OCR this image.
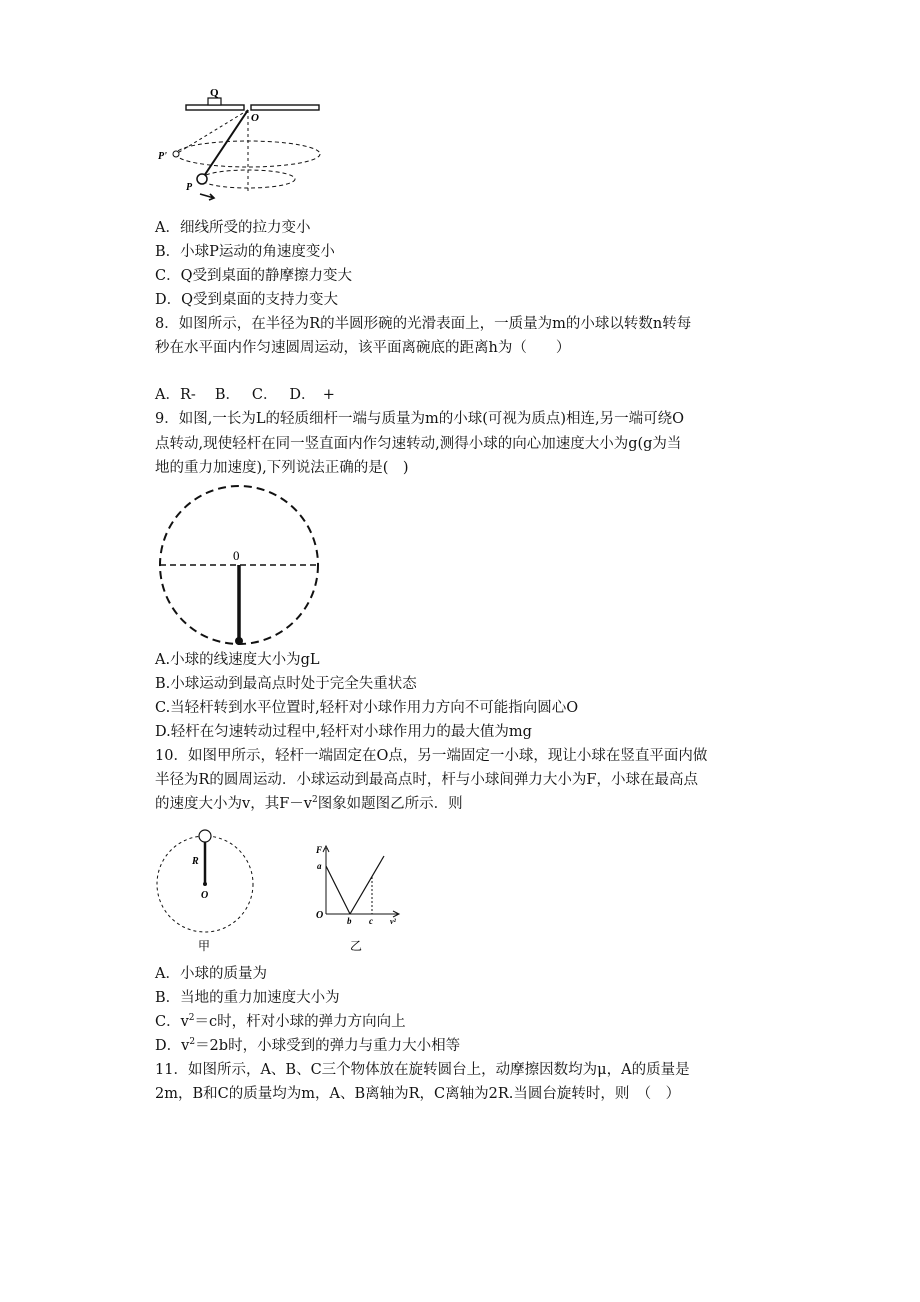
Q
O
P'
P
A．细线所受的拉力变小
B．小球P运动的角速度变小
C．Q受到桌面的静摩擦力变大
D．Q受到桌面的支持力变大
8．如图所示，在半径为R的半圆形碗的光滑表面上，一质量为m的小球以转数n转每
秒在水平面内作匀速圆周运动，该平面离碗底的距离h为（　　）
A．R-　 B．　 C．　 D．　+
9．如图,一长为L的轻质细杆一端与质量为m的小球(可视为质点)相连,另一端可绕O
点转动,现使轻杆在同一竖直面内作匀速转动,测得小球的向心加速度大小为g(g为当
地的重力加速度),下列说法正确的是(　)
0
A.小球的线速度大小为gL
B.小球运动到最高点时处于完全失重状态
C.当轻杆转到水平位置时,轻杆对小球作用力方向不可能指向圆心O
D.轻杆在匀速转动过程中,轻杆对小球作用力的最大值为mg
10．如图甲所示，轻杆一端固定在O点，另一端固定一小球，现让小球在竖直平面内做
半径为R的圆周运动．小球运动到最高点时，杆与小球间弹力大小为F，小球在最高点
的速度大小为v，其$F-v^2$图象如题图乙所示．则
R
O
甲
F
a
O	b c v²
乙
A．小球的质量为
B．当地的重力加速度大小为
C．$v^2=c$时，杆对小球的弹力方向向上
D．$v^2=2b$时，小球受到的弹力与重力大小相等
11．如图所示，A、B、C三个物体放在旋转圆台上，动摩擦因数均为μ，A的质量是
2m，B和C的质量均为m，A、B离轴为R，C离轴为2R.当圆台旋转时，则　（　）
